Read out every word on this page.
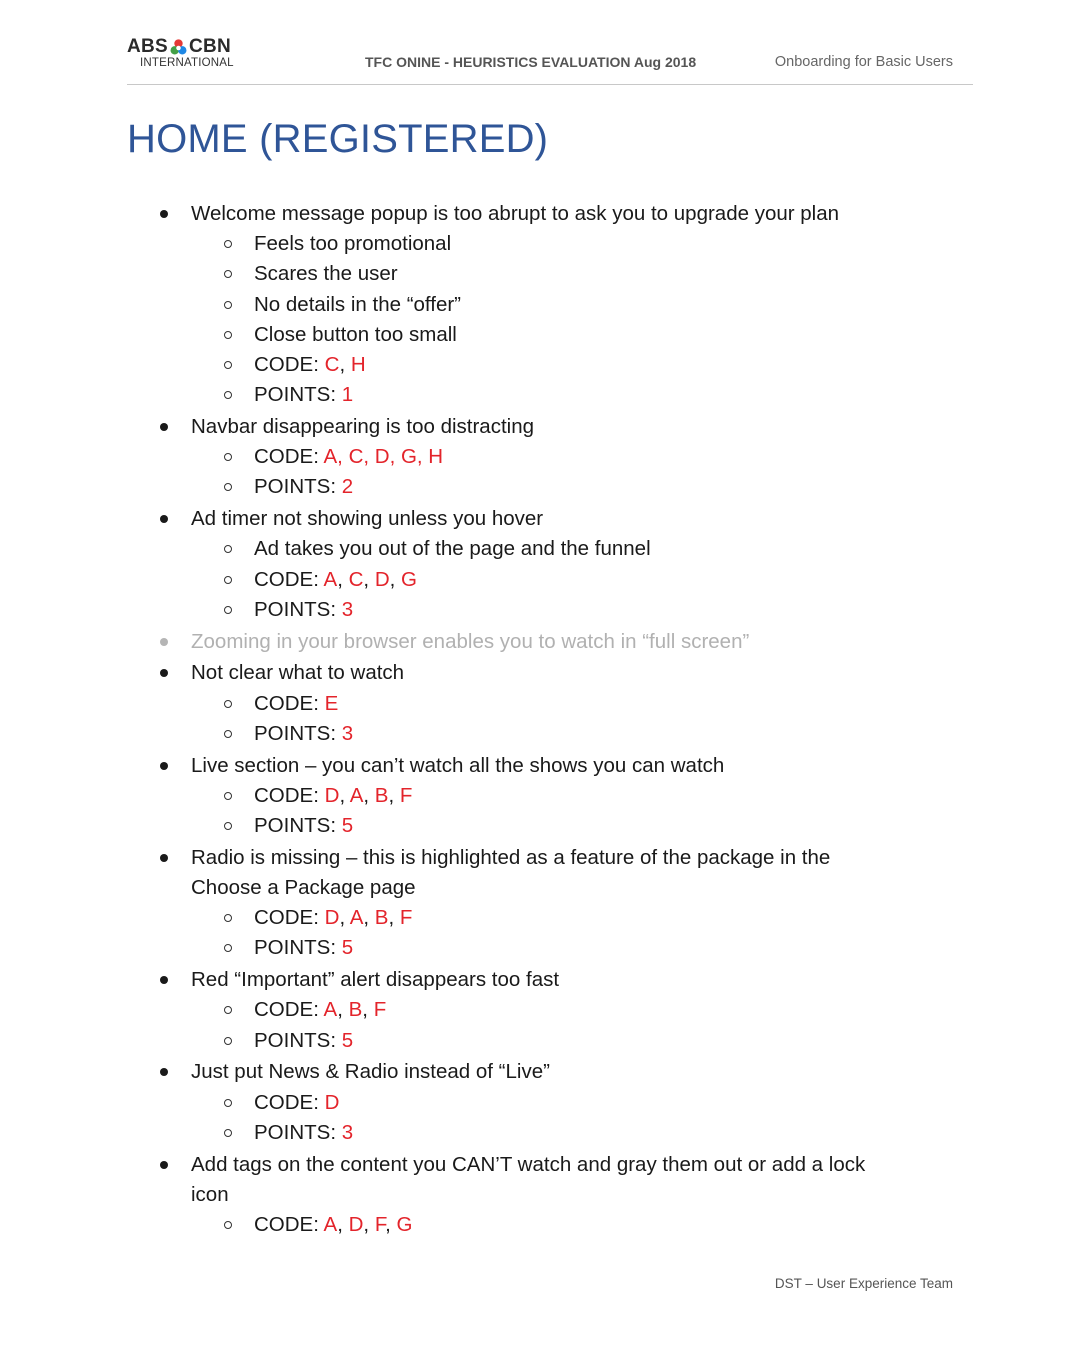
ABS CBN
INTERNATIONAL	TFC ONINE - HEURISTICS EVALUATION Aug 2018	Onboarding for Basic Users
HOME (REGISTERED)
Welcome message popup is too abrupt to ask you to upgrade your plan
Feels too promotional
Scares the user
No details in the “offer”
Close button too small
CODE: C, H
POINTS: 1
Navbar disappearing is too distracting
CODE: A, C, D, G, H
POINTS: 2
Ad timer not showing unless you hover
Ad takes you out of the page and the funnel
CODE: A, C, D, G
POINTS: 3
Zooming in your browser enables you to watch in “full screen”
Not clear what to watch
CODE: E
POINTS: 3
Live section – you can’t watch all the shows you can watch
CODE: D, A, B, F
POINTS: 5
Radio is missing – this is highlighted as a feature of the package in the
Choose a Package page
CODE: D, A, B, F
POINTS: 5
Red “Important” alert disappears too fast
CODE: A, B, F
POINTS: 5
Just put News & Radio instead of “Live”
CODE: D
POINTS: 3
Add tags on the content you CAN’T watch and gray them out or add a lock
icon
CODE: A, D, F, G
DST – User Experience Team
